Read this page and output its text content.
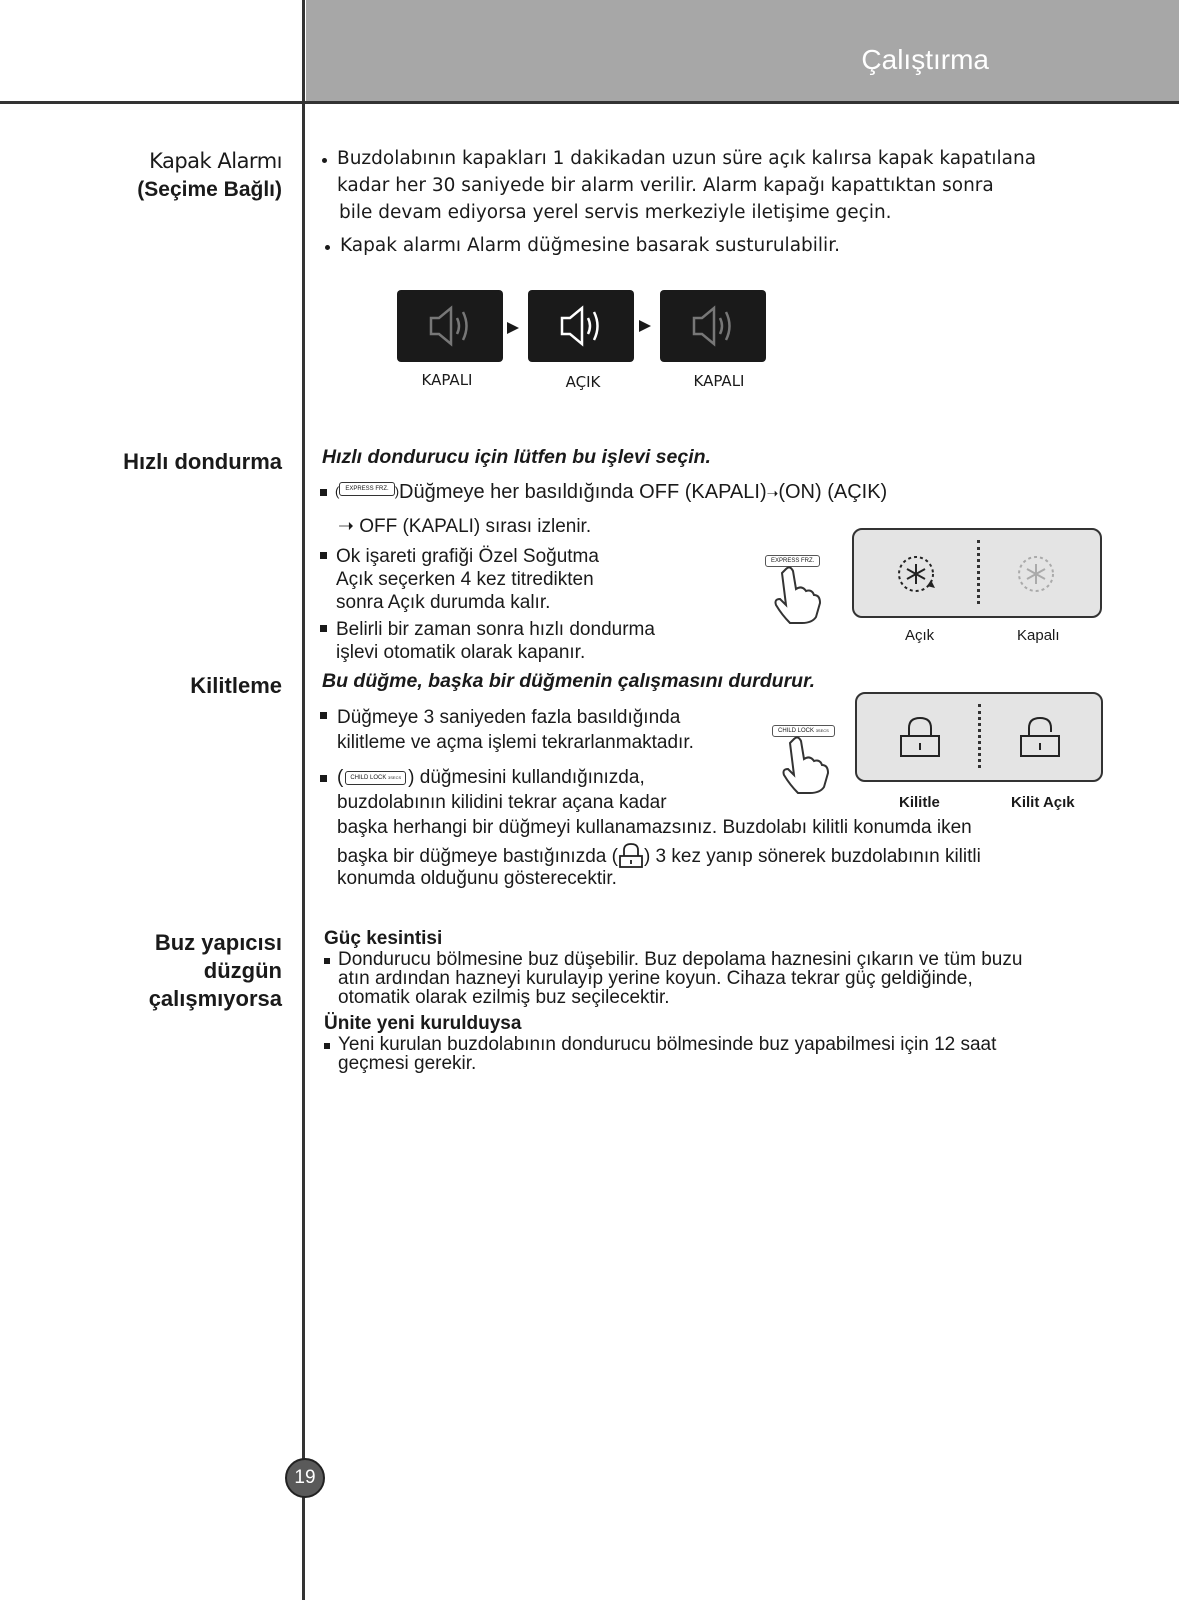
Çalıştırma
Kapak Alarmı
(Seçime Bağlı)
Buzdolabının kapakları 1 dakikadan uzun süre açık kalırsa kapak kapatılana
kadar her 30 saniyede bir alarm verilir. Alarm kapağı kapattıktan sonra
bile devam ediyorsa yerel servis merkeziyle iletişime geçin.
Kapak alarmı Alarm düğmesine basarak susturulabilir.
KAPALI	AÇIK	KAPALI
Hızlı dondurma Hızlı dondurucu için lütfen bu işlevi seçin.
( EXPRESS FRZ. )Düğmeye her basıldığında OFF (KAPALI)➝(ON) (AÇIK)
➝ OFF (KAPALI) sırası izlenir.
Ok işareti grafiği Özel Soğutma
Açık seçerken 4 kez titredikten
sonra Açık durumda kalır.
Belirli bir zaman sonra hızlı dondurma
işlevi otomatik olarak kapanır.
EXPRESS FRZ.
Açık	Kapalı
Kilitleme Bu düğme, başka bir düğmenin çalışmasını durdurur.
Düğmeye 3 saniyeden fazla basıldığında
kilitleme ve açma işlemi tekrarlanmaktadır.
( CHILD LOCK 3SECS ) düğmesini kullandığınızda,
buzdolabının kilidini tekrar açana kadar
başka herhangi bir düğmeyi kullanamazsınız. Buzdolabı kilitli konumda iken
başka bir düğmeye bastığınızda ( ) 3 kez yanıp sönerek buzdolabının kilitli
konumda olduğunu gösterecektir.
CHILD LOCK 3SECS
Kilitle	Kilit Açık
Buz yapıcısı
düzgün
çalışmıyorsa
Güç kesintisi
Dondurucu bölmesine buz düşebilir. Buz depolama haznesini çıkarın ve tüm buzu
atın ardından hazneyi kurulayıp yerine koyun. Cihaza tekrar güç geldiğinde,
otomatik olarak ezilmiş buz seçilecektir.
Ünite yeni kurulduysa
Yeni kurulan buzdolabının dondurucu bölmesinde buz yapabilmesi için 12 saat
geçmesi gerekir.
19
